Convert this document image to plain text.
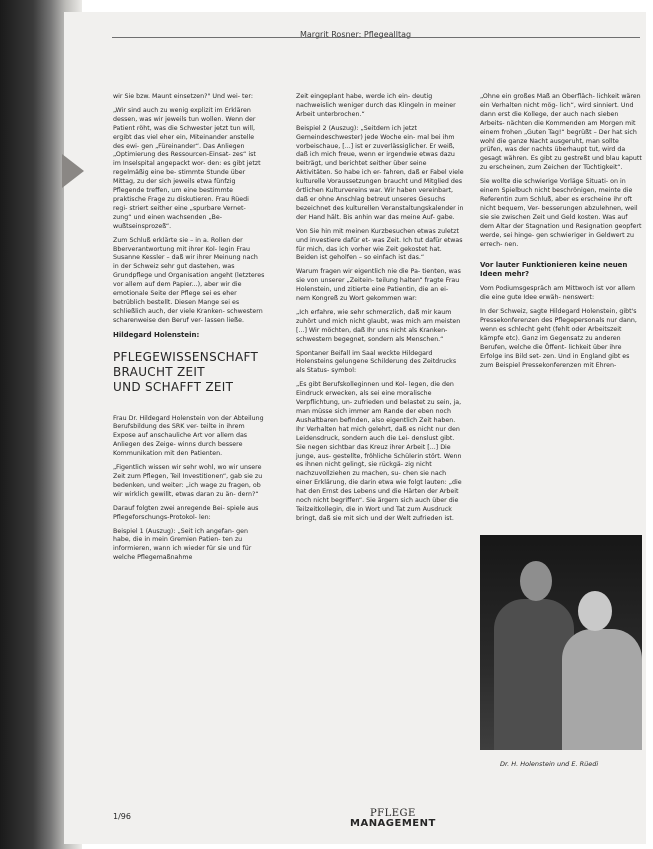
Margrit Rosner: Pflegealltag

wir Sie bzw. Maunt einsetzen?" Und wei- ter:

„Wir sind auch zu wenig explizit im Erklären dessen, was wir jeweils tun wollen. Wenn der Patient röht, was die Schwester jetzt tun will, ergibt das viel eher ein, Miteinander anstelle des ewi- gen „Füreinander“. Das Anliegen „Optimierung des Ressourcen-Einsat- zes“ ist im Inselspital angepackt wor- den: es gibt jetzt regelmäßig eine be- stimmte Stunde über Mittag, zu der sich jeweils etwa fünfzig Pflegende treffen, um eine bestimmte praktische Frage zu diskutieren. Frau Rüedi regi- striert seither eine „spurbare Vernet- zung“ und einen wachsenden „Be- wußtseinsprozeß“.

Zum Schluß erklärte sie – in a. Rollen der Bberverantwortung mit ihrer Kol- legin Frau Susanne Kessler – daß wir ihrer Meinung nach in der Schweiz sehr gut dastehen, was Grundpflege und Organisation angeht (letzteres vor allem auf dem Papier...), aber wir die emotionale Seite der Pflege sei es eher betrüblich bestellt. Diesen Mange sei es schließlich auch, der viele Kranken- schwestern scharenweise den Beruf ver- lassen ließe.

Hildegard Holenstein:
PFLEGEWISSENSCHAFT
BRAUCHT ZEIT
UND SCHAFFT ZEIT

Frau Dr. Hildegard Holenstein von der Abteilung Berufsbildung des SRK ver- teilte in ihrem Expose auf anschauliche Art vor allem das Anliegen des Zeige- winns durch bessere Kommunikation mit den Patienten.

„Figentlich wissen wir sehr wohl, wo wir unsere Zeit zum Pflegen, Teil Investitionen“, gab sie zu bedenken, und weiter: „ich wage zu fragen, ob wir wirklich gewillt, etwas daran zu än- dern?“

Darauf folgten zwei anregende Bei- spiele aus Pflegeforschungs-Protokol- len:

Beispiel 1 (Auszug): „Seit ich angefan- gen habe, die in mein Gremien Patien- ten zu informieren, wann ich wieder für sie und für welche Pflegemaßnahme

Zeit eingeplant habe, werde ich ein- deutig nachweislich weniger durch das Klingeln in meiner Arbeit unterbrochen.“

Beispiel 2 (Auszug): „Seitdem ich jetzt Gemeindeschwester) jede Woche ein- mal bei ihm vorbeischaue, [...] ist er zuverlässiglicher. Er weiß, daß ich mich freue, wenn er irgendwie etwas dazu beiträgt, und berichtet seither über seine Aktivitäten. So habe ich er- fahren, daß er Fabel viele kulturelle Voraussetzungen braucht und Mitglied des örtlichen Kulturvereins war. Wir haben vereinbart, daß er ohne Anschlag betreut unseres Gesuchs bezeichnet des kulturellen Veranstaltungskalender in der Hand hält. Bis anhin war das meine Auf- gabe.

Von Sie hin mit meinen Kurzbesuchen etwas zuletzt und investiere dafür et- was Zeit. Ich tut dafür etwas für mich, das ich vorher wie Zeit gekostet hat. Beiden ist geholfen – so einfach ist das.“

Warum fragen wir eigentlich nie die Pa- tienten, was sie von unserer „Zeitein- teilung halten“ fragte Frau Holenstein, und zitierte eine Patientin, die an ei- nem Kongreß zu Wort gekommen war:

„Ich erfahre, wie sehr schmerzlich, daß mir kaum zuhört und mich nicht glaubt, was mich am meisten [...] Wir möchten, daß Ihr uns nicht als Kranken- schwestern begegnet, sondern als Menschen.“

Spontaner Beifall im Saal weckte Hildegard Holensteins gelungene Schilderung des Zeitdrucks als Status- symbol:

„Es gibt Berufskolleginnen und Kol- legen, die den Eindruck erwecken, als sei eine moralische Verpflichtung, un- zufrieden und belastet zu sein, ja, man müsse sich immer am Rande der eben noch Aushaltbaren befinden, also eigentlich Zeit haben. Ihr Verhalten hat mich gelehrt, daß es nicht nur den Leidensdruck, sondern auch die Lei- denslust gibt. Sie negen sichtbar das Kreuz ihrer Arbeit [...] Die junge, aus- gestellte, fröhliche Schülerin stört. Wenn es ihnen nicht gelingt, sie rückgä- zig nicht nachzuvollziehen zu machen, su- chen sie nach einer Erklärung, die darin etwa wie folgt lauten: „die hat den Ernst des Lebens und die Härten der Arbeit noch nicht begriffen“. Sie ärgern sich auch über die Teilzeitkollegin, die in Wort und Tat zum Ausdruck bringt, daß sie mit sich und der Welt zufrieden ist.

„Ohne ein großes Maß an Oberfläch- lichkeit wären ein Verhalten nicht mög- lich“, wird sinniert. Und dann erst die Kollege, der auch nach sieben Arbeits- nächten die Kommenden am Morgen mit einem frohen „Guten Tag!“ begrüßt – Der hat sich wohl die ganze Nacht ausgeruht, man sollte prüfen, was der nachts überhaupt tut, wird da gesagt währen. Es gibt zu gestreßt und blau kaputt zu erscheinen, zum Zeichen der Tüchtigkeit“.

Sie wollte die schwierige Vorläge Situati- on in einem Spielbuch nicht beschrönigen, meinte die Referentin zum Schluß, aber es erscheine ihr oft nicht bequem, Ver- besserungen abzulehnen, weil sie sie zwischen Zeit und Geld kosten. Was auf dem Altar der Stagnation und Resignation geopfert werde, sei hinge- gen schwieriger in Geldwert zu errech- nen.

Vor lauter Funktionieren keine neuen Ideen mehr?

Vom Podiumsgespräch am Mittwoch ist vor allem die eine gute Idee erwäh- nenswert:

In der Schweiz, sagte Hildegard Holenstein, gibt's Pressekonferenzen des Pflegepersonals nur dann, wenn es schlecht geht (fehlt oder Arbeitszeit kämpfe etc). Ganz im Gegensatz zu anderen Berufen, welche die Öffent- lichkeit über ihre Erfolge ins Bild set- zen. Und in England gibt es zum Beispiel Pressekonferenzen mit Ehren-

Dr. H. Holenstein und E. Rüedi
1/96	PFLEGE
MANAGEMENT
